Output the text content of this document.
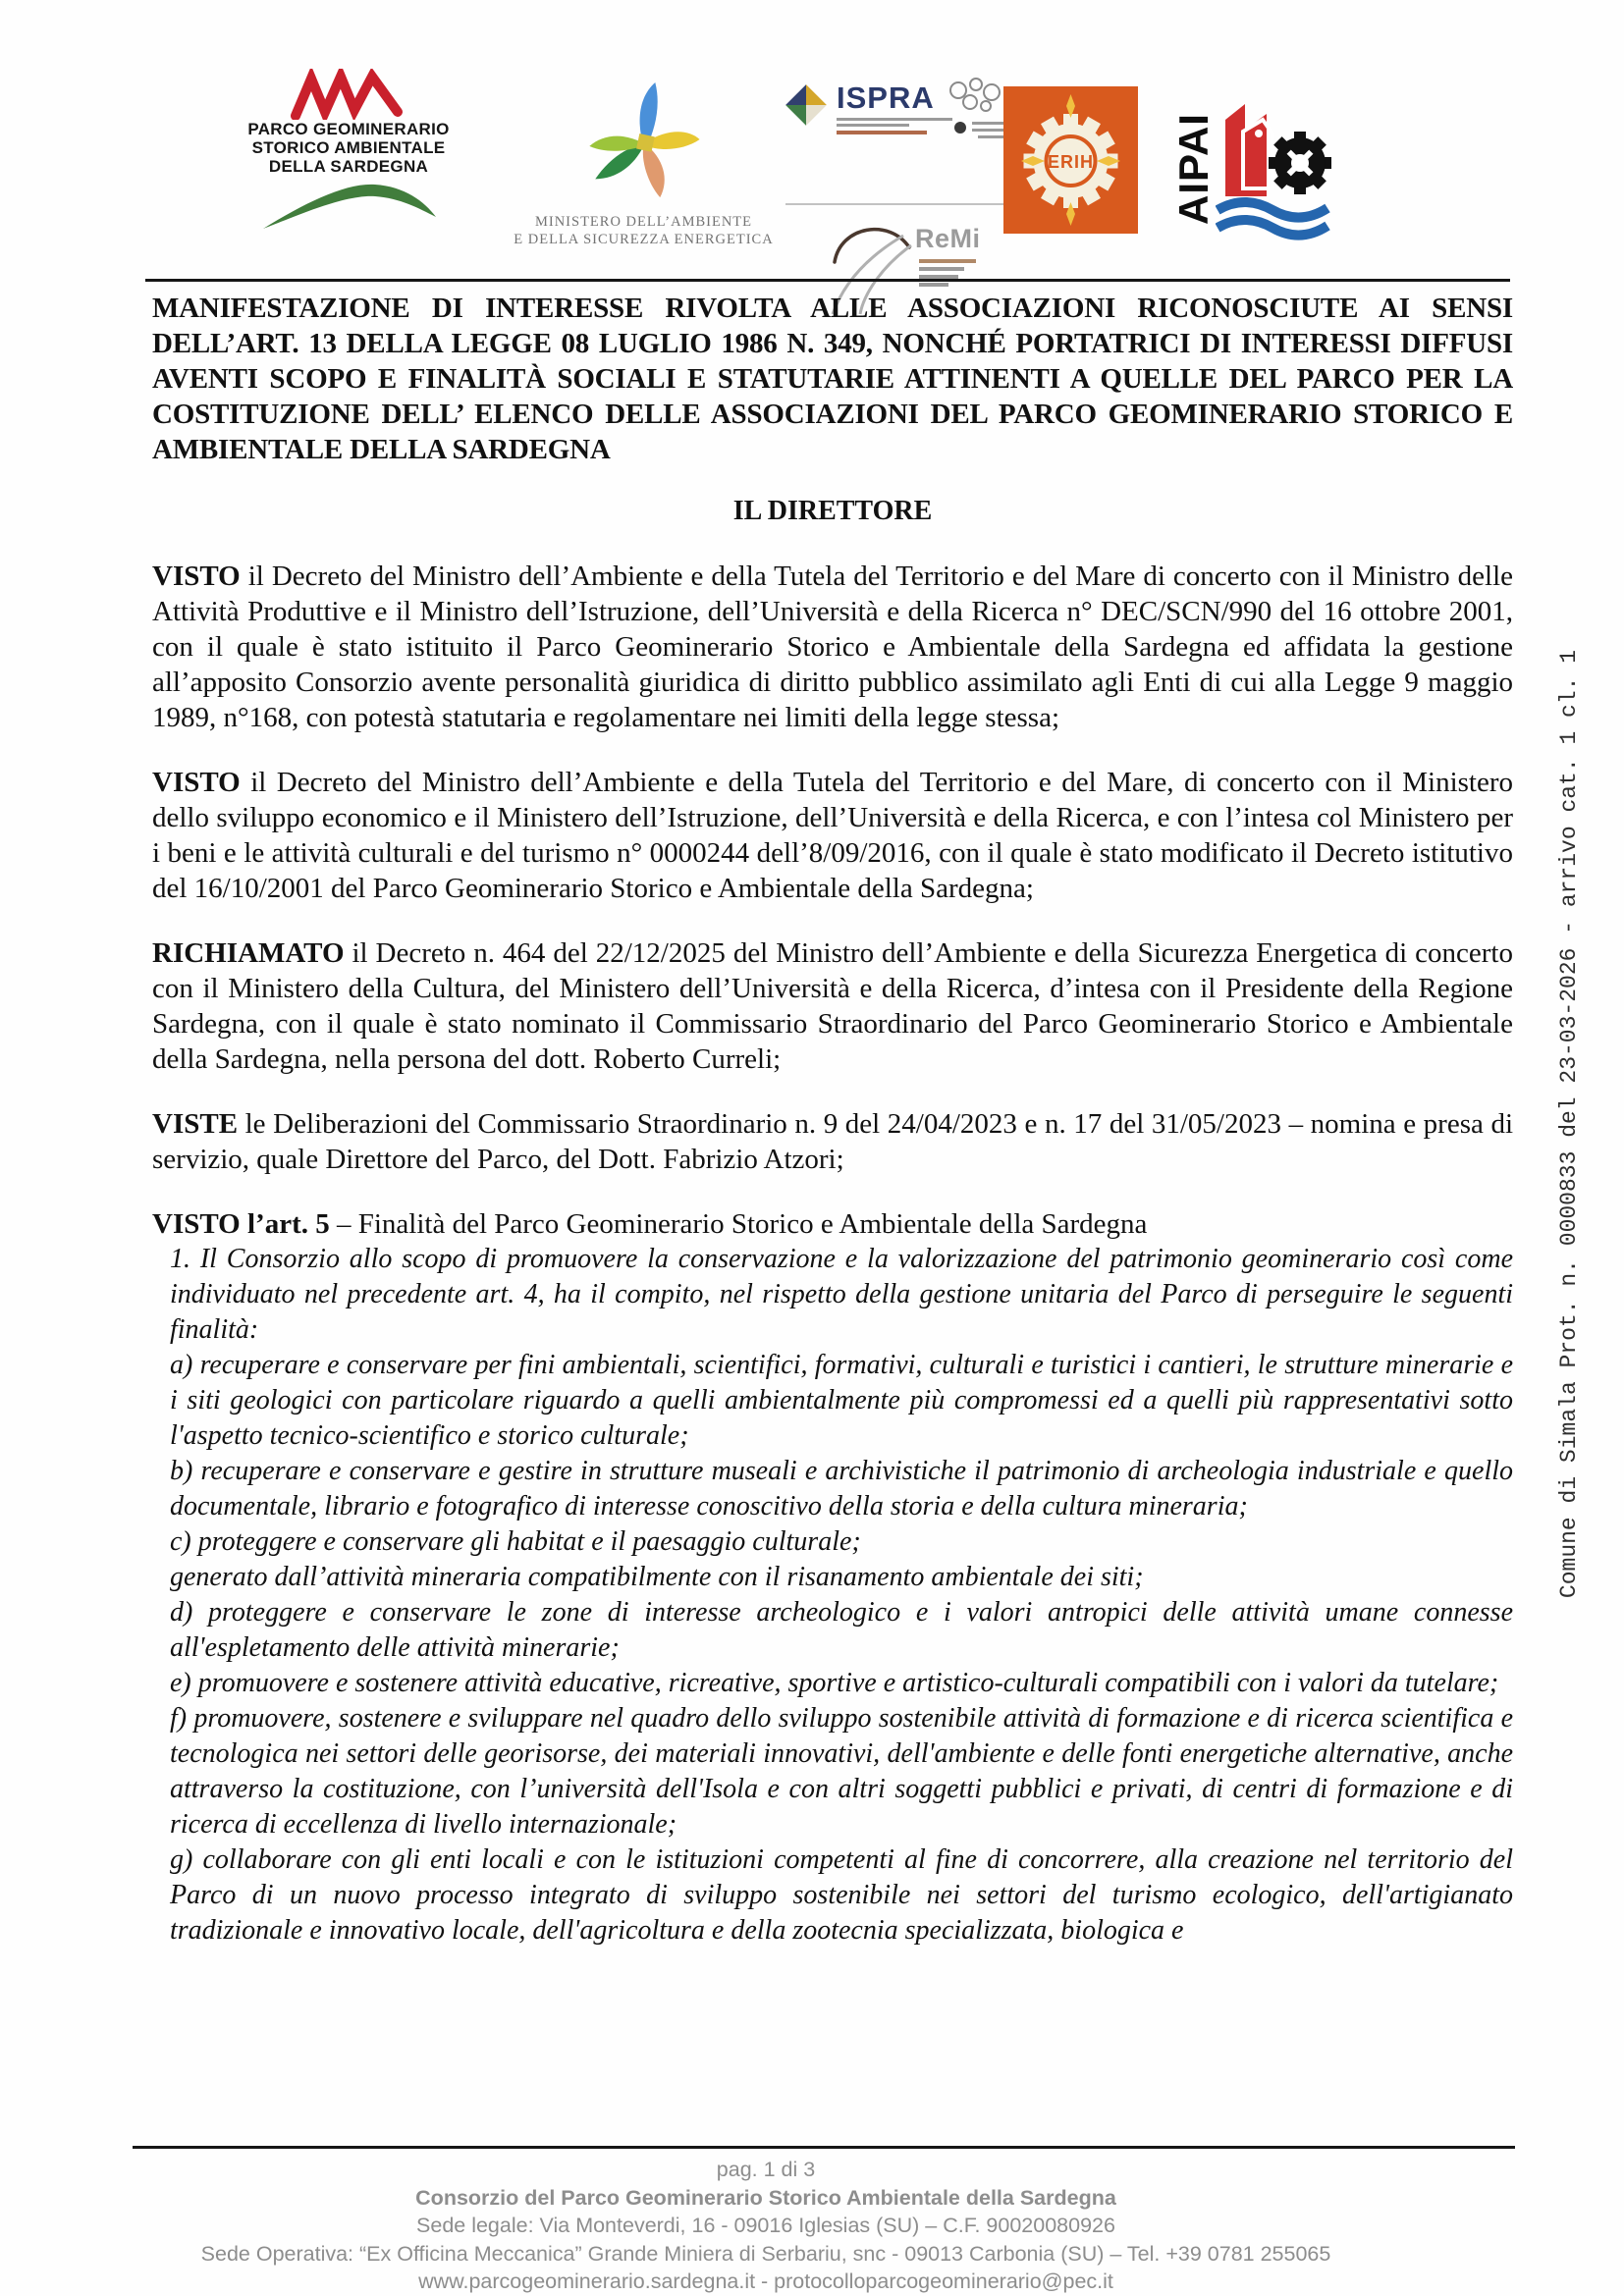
PARCO GEOMINERARIO
STORICO AMBIENTALE
DELLA SARDEGNA
MINISTERO DELL’AMBIENTE
E DELLA SICUREZZA ENERGETICA
ISPRA
ReMi
ERIH AIPAI

MANIFESTAZIONE DI INTERESSE RIVOLTA ALLE ASSOCIAZIONI RICONOSCIUTE AI SENSI DELL’ART. 13 DELLA LEGGE 08 LUGLIO 1986 N. 349, NONCHÉ PORTATRICI DI INTERESSI DIFFUSI AVENTI SCOPO E FINALITÀ SOCIALI E STATUTARIE ATTINENTI A QUELLE DEL PARCO PER LA COSTITUZIONE DELL’ ELENCO DELLE ASSOCIAZIONI DEL PARCO GEOMINERARIO STORICO E AMBIENTALE DELLA SARDEGNA

IL DIRETTORE

VISTO il Decreto del Ministro dell’Ambiente e della Tutela del Territorio e del Mare di concerto con il Ministro delle Attività Produttive e il Ministro dell’Istruzione, dell’Università e della Ricerca n° DEC/SCN/990 del 16 ottobre 2001, con il quale è stato istituito il Parco Geominerario Storico e Ambientale della Sardegna ed affidata la gestione all’apposito Consorzio avente personalità giuridica di diritto pubblico assimilato agli Enti di cui alla Legge 9 maggio 1989, n°168, con potestà statutaria e regolamentare nei limiti della legge stessa;

VISTO il Decreto del Ministro dell’Ambiente e della Tutela del Territorio e del Mare, di concerto con il Ministero dello sviluppo economico e il Ministero dell’Istruzione, dell’Università e della Ricerca, e con l’intesa col Ministero per i beni e le attività culturali e del turismo n° 0000244 dell’8/09/2016, con il quale è stato modificato il Decreto istitutivo del 16/10/2001 del Parco Geominerario Storico e Ambientale della Sardegna;

RICHIAMATO il Decreto n. 464 del 22/12/2025 del Ministro dell’Ambiente e della Sicurezza Energetica di concerto con il Ministero della Cultura, del Ministero dell’Università e della Ricerca, d’intesa con il Presidente della Regione Sardegna, con il quale è stato nominato il Commissario Straordinario del Parco Geominerario Storico e Ambientale della Sardegna, nella persona del dott. Roberto Curreli;

VISTE le Deliberazioni del Commissario Straordinario n. 9 del 24/04/2023 e n. 17 del 31/05/2023 – nomina e presa di servizio, quale Direttore del Parco, del Dott. Fabrizio Atzori;

VISTO l’art. 5 – Finalità del Parco Geominerario Storico e Ambientale della Sardegna

1. Il Consorzio allo scopo di promuovere la conservazione e la valorizzazione del patrimonio geominerario così come individuato nel precedente art. 4, ha il compito, nel rispetto della gestione unitaria del Parco di perseguire le seguenti finalità:

a) recuperare e conservare per fini ambientali, scientifici, formativi, culturali e turistici i cantieri, le strutture minerarie e i siti geologici con particolare riguardo a quelli ambientalmente più compromessi ed a quelli più rappresentativi sotto l'aspetto tecnico-scientifico e storico culturale;

b) recuperare e conservare e gestire in strutture museali e archivistiche il patrimonio di archeologia industriale e quello documentale, librario e fotografico di interesse conoscitivo della storia e della cultura mineraria;

c) proteggere e conservare gli habitat e il paesaggio culturale;

generato dall’attività mineraria compatibilmente con il risanamento ambientale dei siti;

d) proteggere e conservare le zone di interesse archeologico e i valori antropici delle attività umane connesse all'espletamento delle attività minerarie;

e) promuovere e sostenere attività educative, ricreative, sportive e artistico-culturali compatibili con i valori da tutelare;

f) promuovere, sostenere e sviluppare nel quadro dello sviluppo sostenibile attività di formazione e di ricerca scientifica e tecnologica nei settori delle georisorse, dei materiali innovativi, dell'ambiente e delle fonti energetiche alternative, anche attraverso la costituzione, con l’università dell'Isola e con altri soggetti pubblici e privati, di centri di formazione e di ricerca di eccellenza di livello internazionale;

g) collaborare con gli enti locali e con le istituzioni competenti al fine di concorrere, alla creazione nel territorio del Parco di un nuovo processo integrato di sviluppo sostenibile nei settori del turismo ecologico, dell'artigianato tradizionale e innovativo locale, dell'agricoltura e della zootecnia specializzata, biologica e

Comune di Simala Prot. n. 0000833 del 23-03-2026 - arrivo cat. 1 cl. 1

pag. 1 di 3

Consorzio del Parco Geominerario Storico Ambientale della Sardegna

Sede legale: Via Monteverdi, 16 - 09016 Iglesias (SU) – C.F. 90020080926

Sede Operativa: “Ex Officina Meccanica” Grande Miniera di Serbariu, snc - 09013 Carbonia (SU) – Tel. +39 0781 255065

www.parcogeominerario.sardegna.it - protocolloparcogeominerario@pec.it
